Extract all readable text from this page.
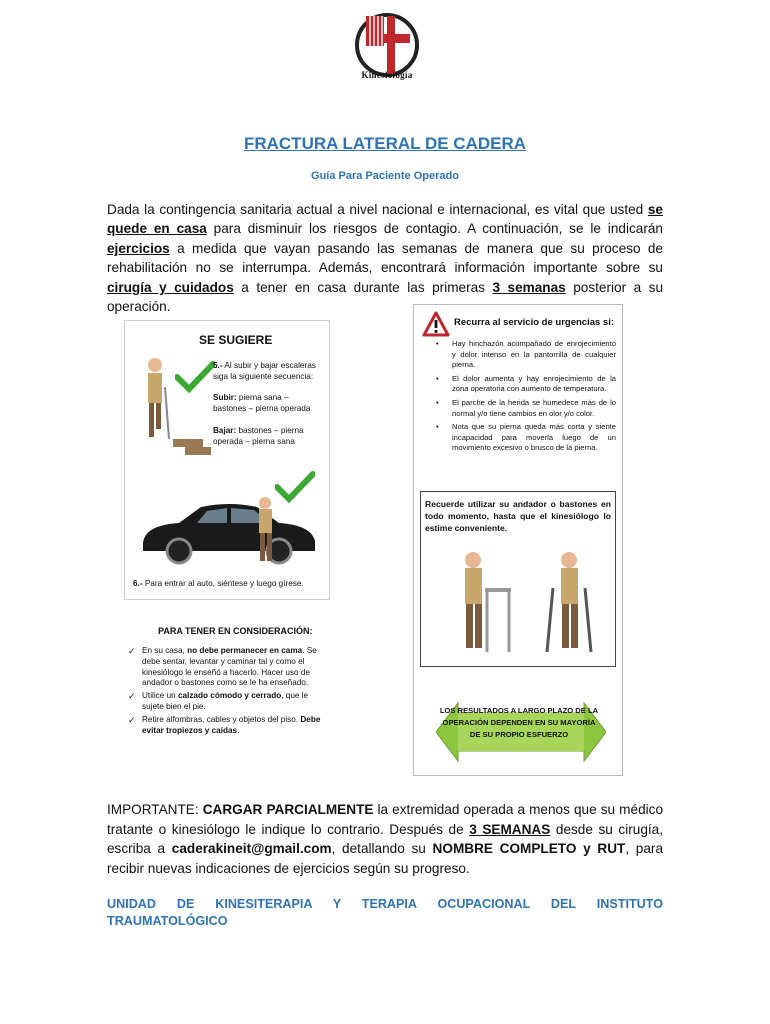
Kinesiología
FRACTURA LATERAL DE CADERA
Guía Para Paciente Operado
Dada la contingencia sanitaria actual a nivel nacional e internacional, es vital que usted se quede en casa para disminuir los riesgos de contagio. A continuación, se le indicarán ejercicios a medida que vayan pasando las semanas de manera que su proceso de rehabilitación no se interrumpa. Además, encontrará información importante sobre su cirugía y cuidados a tener en casa durante las primeras 3 semanas posterior a su operación.
SE SUGIERE
5.- Al subir y bajar escaleras siga la siguiente secuencia:

Subir: pierna sana – bastones – pierna operada

Bajar: bastones – pierna operada – pierna sana
6.- Para entrar al auto, siéntese y luego gírese.
PARA TENER EN CONSIDERACIÓN:
✓ En su casa, no debe permanecer en cama. Se debe sentar, levantar y caminar tal y como el kinesiólogo le enseñó a hacerlo. Hacer uso de andador o bastones como se le ha enseñado.
✓ Utilice un calzado cómodo y cerrado, que le sujete bien el pie.
✓ Retire alfombras, cables y objetos del piso. Debe evitar tropiezos y caídas.
Recurra al servicio de urgencias si:
• Hay hinchazón acompañado de enrojecimiento y dolor intenso en la pantorrilla de cualquier pierna.
• El dolor aumenta y hay enrojecimiento de la zona operatoria con aumento de temperatura.
• El parche de la herida se humedece más de lo normal y/o tiene cambios en olor y/o color.
• Nota que su pierna queda más corta y siente incapacidad para moverla luego de un movimiento excesivo o brusco de la pierna.
Recuerde utilizar su andador o bastones en todo momento, hasta que el kinesiólogo lo estime conveniente.
LOS RESULTADOS A LARGO PLAZO DE LA OPERACIÓN DEPENDEN EN SU MAYORÍA DE SU PROPIO ESFUERZO
IMPORTANTE: CARGAR PARCIALMENTE la extremidad operada a menos que su médico tratante o kinesiólogo le indique lo contrario. Después de 3 SEMANAS desde su cirugía, escriba a caderakineit@gmail.com, detallando su NOMBRE COMPLETO y RUT, para recibir nuevas indicaciones de ejercicios según su progreso.
UNIDAD DE KINESITERAPIA Y TERAPIA OCUPACIONAL DEL INSTITUTO
TRAUMATOLÓGICO
